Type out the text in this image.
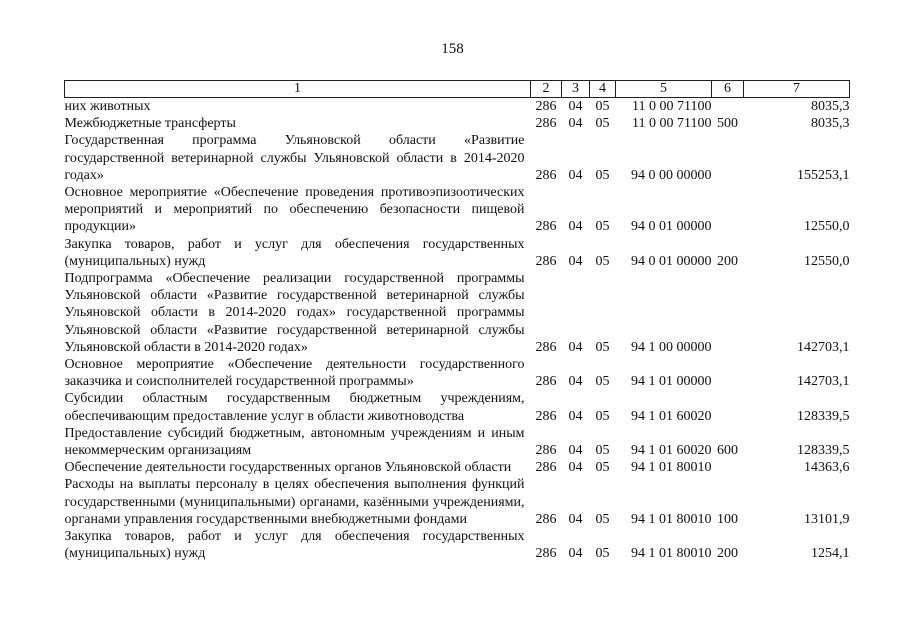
158
1	2	3	4	5	6	7
них животных	286	04	05	11 0 00 71100		8035,3
Межбюджетные трансферты	286	04	05	11 0 00 71100	500	8035,3
Государственная программа Ульяновской области «Развитие государственной ветеринарной службы Ульяновской области в 2014-2020 годах»	286	04	05	94 0 00 00000		155253,1
Основное мероприятие «Обеспечение проведения противоэпизоотических мероприятий и мероприятий по обеспечению безопасности пищевой продукции»	286	04	05	94 0 01 00000		12550,0
Закупка товаров, работ и услуг для обеспечения государственных (муниципальных) нужд	286	04	05	94 0 01 00000	200	12550,0
Подпрограмма «Обеспечение реализации государственной программы Ульяновской области «Развитие государственной ветеринарной службы Ульяновской области в 2014-2020 годах» государственной программы Ульяновской области «Развитие государственной ветеринарной службы Ульяновской области в 2014-2020 годах»	286	04	05	94 1 00 00000		142703,1
Основное мероприятие «Обеспечение деятельности государственного заказчика и соисполнителей государственной программы»	286	04	05	94 1 01 00000		142703,1
Субсидии областным государственным бюджетным учреждениям, обеспечивающим предоставление услуг в области животноводства	286	04	05	94 1 01 60020		128339,5
Предоставление субсидий бюджетным, автономным учреждениям и иным некоммерческим организациям	286	04	05	94 1 01 60020	600	128339,5
Обеспечение деятельности государственных органов Ульяновской области	286	04	05	94 1 01 80010		14363,6
Расходы на выплаты персоналу в целях обеспечения выполнения функций государственными (муниципальными) органами, казёнными учреждениями, органами управления государственными внебюджетными фондами	286	04	05	94 1 01 80010	100	13101,9
Закупка товаров, работ и услуг для обеспечения государственных (муниципальных) нужд	286	04	05	94 1 01 80010	200	1254,1
